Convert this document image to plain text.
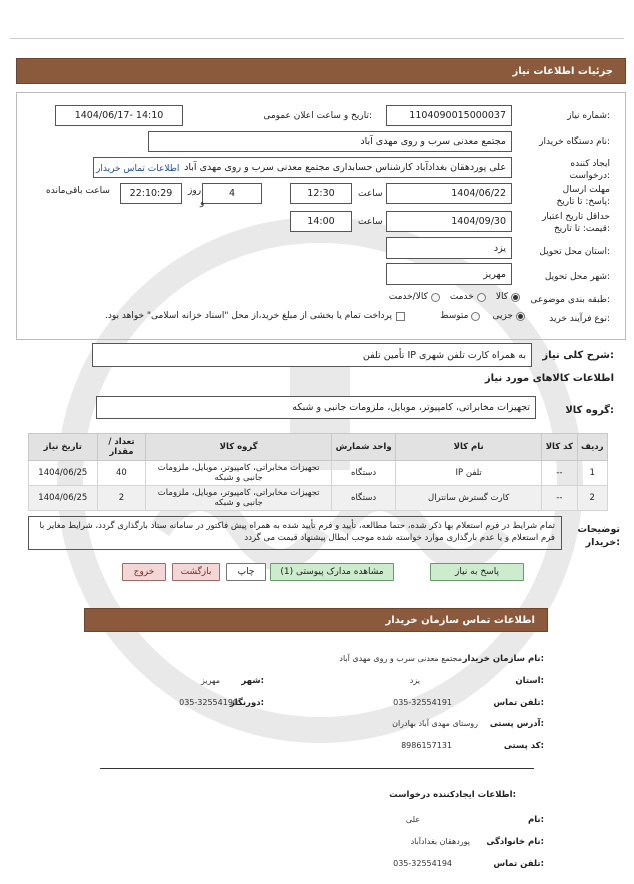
جزئیات اطلاعات نیاز
شماره نیاز:
1104090015000037
تاریخ و ساعت اعلان عمومی:
1404/06/17- 14:10
نام دستگاه خریدار:
مجتمع معدنی سرب و روی مهدی آباد
ایجاد کننده درخواست:
علی پوردهقان بغدادآباد کارشناس حسابداری مجتمع معدنی سرب و روی مهدی آباد
اطلاعات تماس خریدار
مهلت ارسال پاسخ: تا تاریخ:
1404/06/22
ساعت
12:30
4
روز
و
22:10:29
ساعت باقی‌مانده
حداقل تاریخ اعتبار قیمت: تا تاریخ:
1404/09/30
ساعت
14:00
استان محل تحویل:
یزد
شهر محل تحویل:
مهریز
طبقه بندی موضوعی:
کالا
خدمت
کالا/خدمت
نوع فرآیند خرید:
جزیی
متوسط
پرداخت تمام یا بخشی از مبلغ خرید،از محل "اسناد خزانه اسلامی" خواهد بود.
شرح کلی نیاز:
تأمین تلفن IP به همراه کارت تلفن شهری
اطلاعات کالاهای مورد نیاز
گروه کالا:
تجهیزات مخابراتی، کامپیوتر، موبایل، ملزومات جانبی و شبکه
ردیف	کد کالا	نام کالا	واحد شمارش	گروه کالا	تعداد / مقدار	تاریخ نیاز
1	--	تلفن IP	دستگاه	تجهیزات مخابراتی، کامپیوتر، موبایل، ملزومات جانبی و شبکه	40	1404/06/25
2	--	کارت گسترش سانترال	دستگاه	تجهیزات مخابراتی، کامپیوتر، موبایل، ملزومات جانبی و شبکه	2	1404/06/25
توضیحات خریدار:
تمام شرایط در فرم استعلام بها ذکر شده، حتما مطالعه، تأیید و فرم تأیید شده به همراه پیش فاکتور در سامانه ستاد بارگذاری گردد، شرایط مغایر با فرم استعلام و یا عدم بارگذاری موارد خواسته شده موجب ابطال پیشنهاد قیمت می گردد
پاسخ به نیاز
مشاهده مدارک پیوستی (1)
چاپ
بازگشت
خروج
اطلاعات تماس سازمان خریدار
نام سازمان خریدار:
مجتمع معدنی سرب و روی مهدی آباد
استان:
یزد
شهر:
مهریز
تلفن تماس:
035-32554191
دورنگار:
035-32554190
آدرس پستی:
روستای مهدی آباد بهادران
کد پستی:
8986157131
اطلاعات ایجادکننده درخواست:
نام:
علی
نام خانوادگی:
پوردهقان بغدادآباد
تلفن تماس:
035-32554194
